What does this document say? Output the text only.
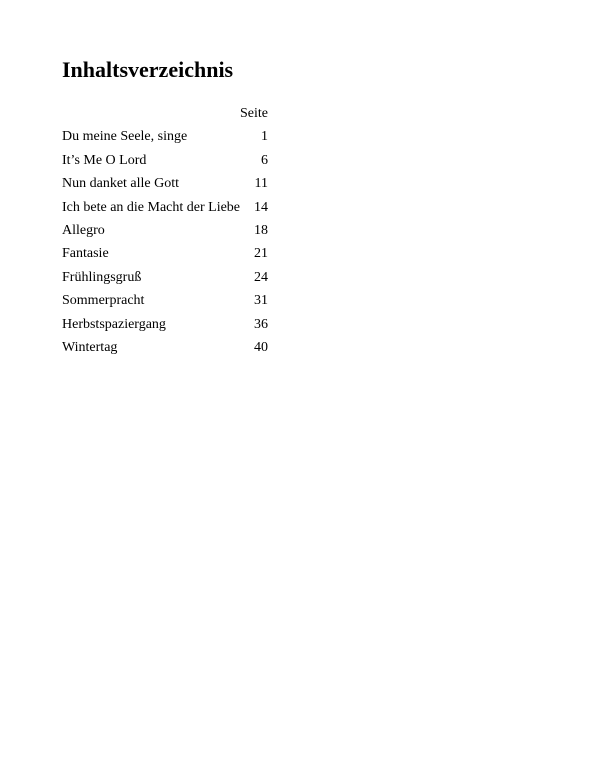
Inhaltsverzeichnis
Seite
Du meine Seele, singe	1
It’s Me O Lord	6
Nun danket alle Gott	11
Ich bete an die Macht der Liebe 14
Allegro	18
Fantasie	21
Frühlingsgruß	24
Sommerpracht	31
Herbstspaziergang	36
Wintertag	40
